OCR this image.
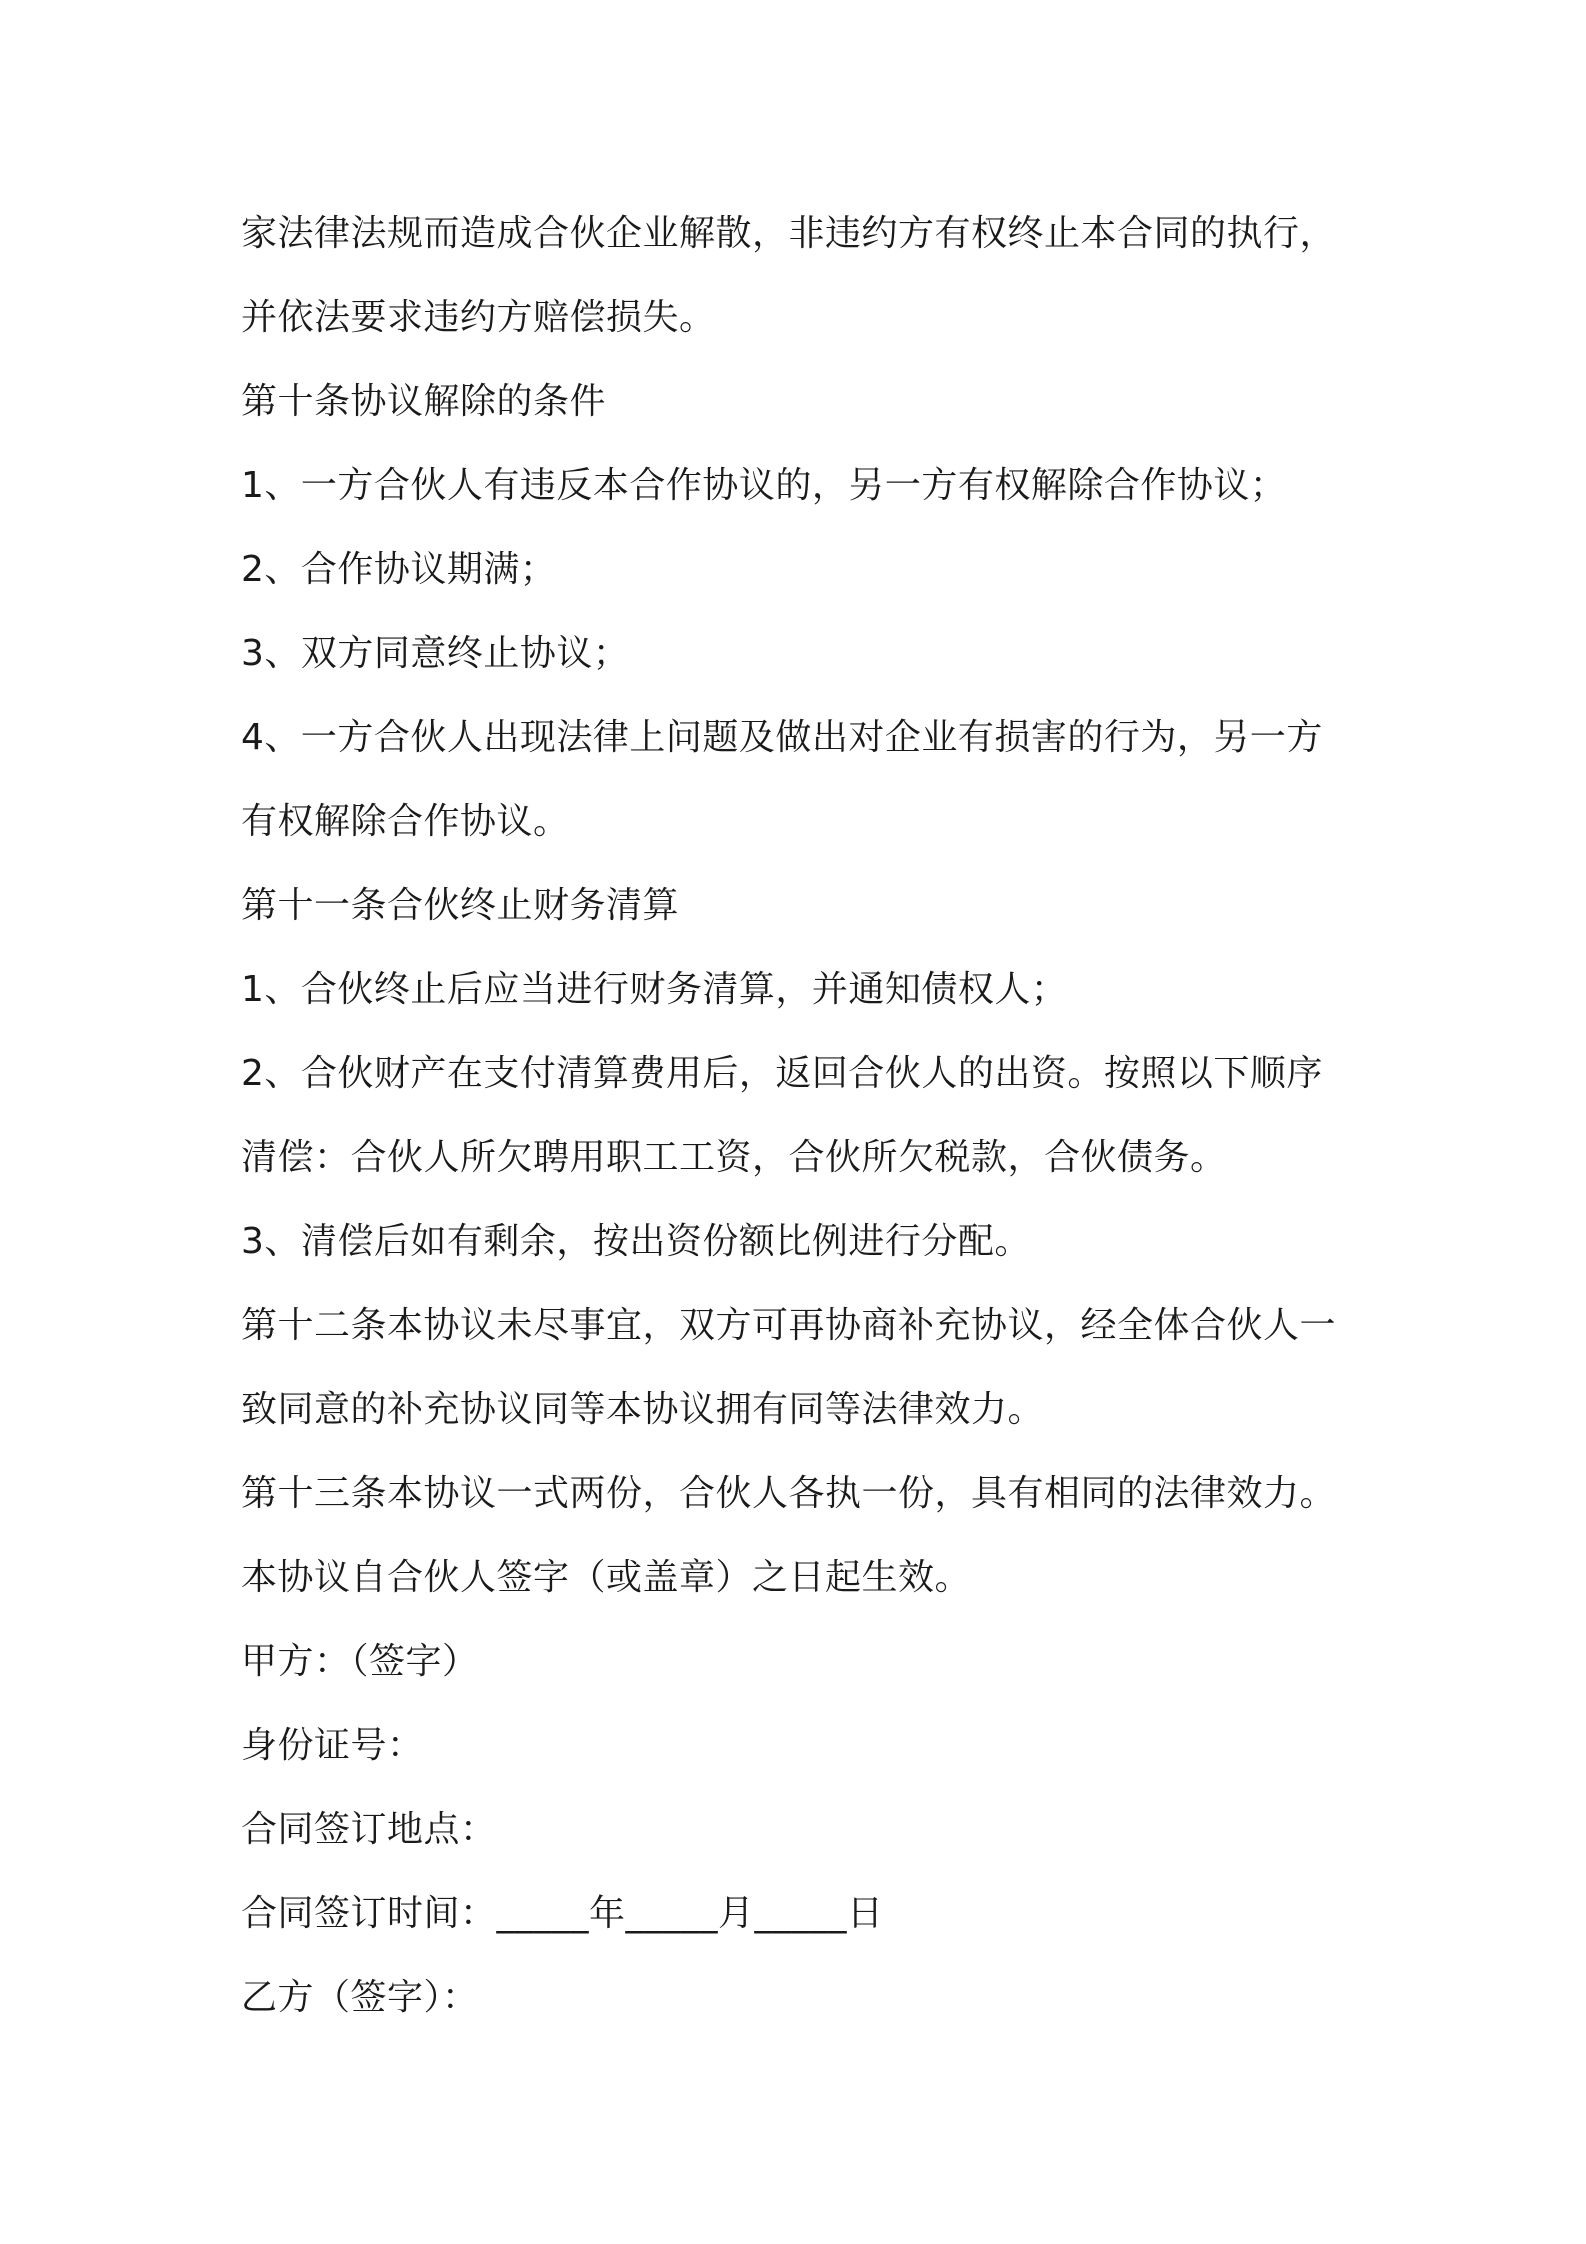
家法律法规而造成合伙企业解散，非违约方有权终止本合同的执行，
并依法要求违约方赔偿损失。
第十条协议解除的条件
1、一方合伙人有违反本合作协议的，另一方有权解除合作协议；
2、合作协议期满；
3、双方同意终止协议；
4、一方合伙人出现法律上问题及做出对企业有损害的行为，另一方
有权解除合作协议。
第十一条合伙终止财务清算
1、合伙终止后应当进行财务清算，并通知债权人；
2、合伙财产在支付清算费用后，返回合伙人的出资。按照以下顺序
清偿：合伙人所欠聘用职工工资，合伙所欠税款，合伙债务。
3、清偿后如有剩余，按出资份额比例进行分配。
第十二条本协议未尽事宜，双方可再协商补充协议，经全体合伙人一
致同意的补充协议同等本协议拥有同等法律效力。
第十三条本协议一式两份，合伙人各执一份，具有相同的法律效力。
本协议自合伙人签字（或盖章）之日起生效。
甲方：（签字）
身份证号：
合同签订地点：
合同签订时间：_____年_____月_____日
乙方（签字）：
